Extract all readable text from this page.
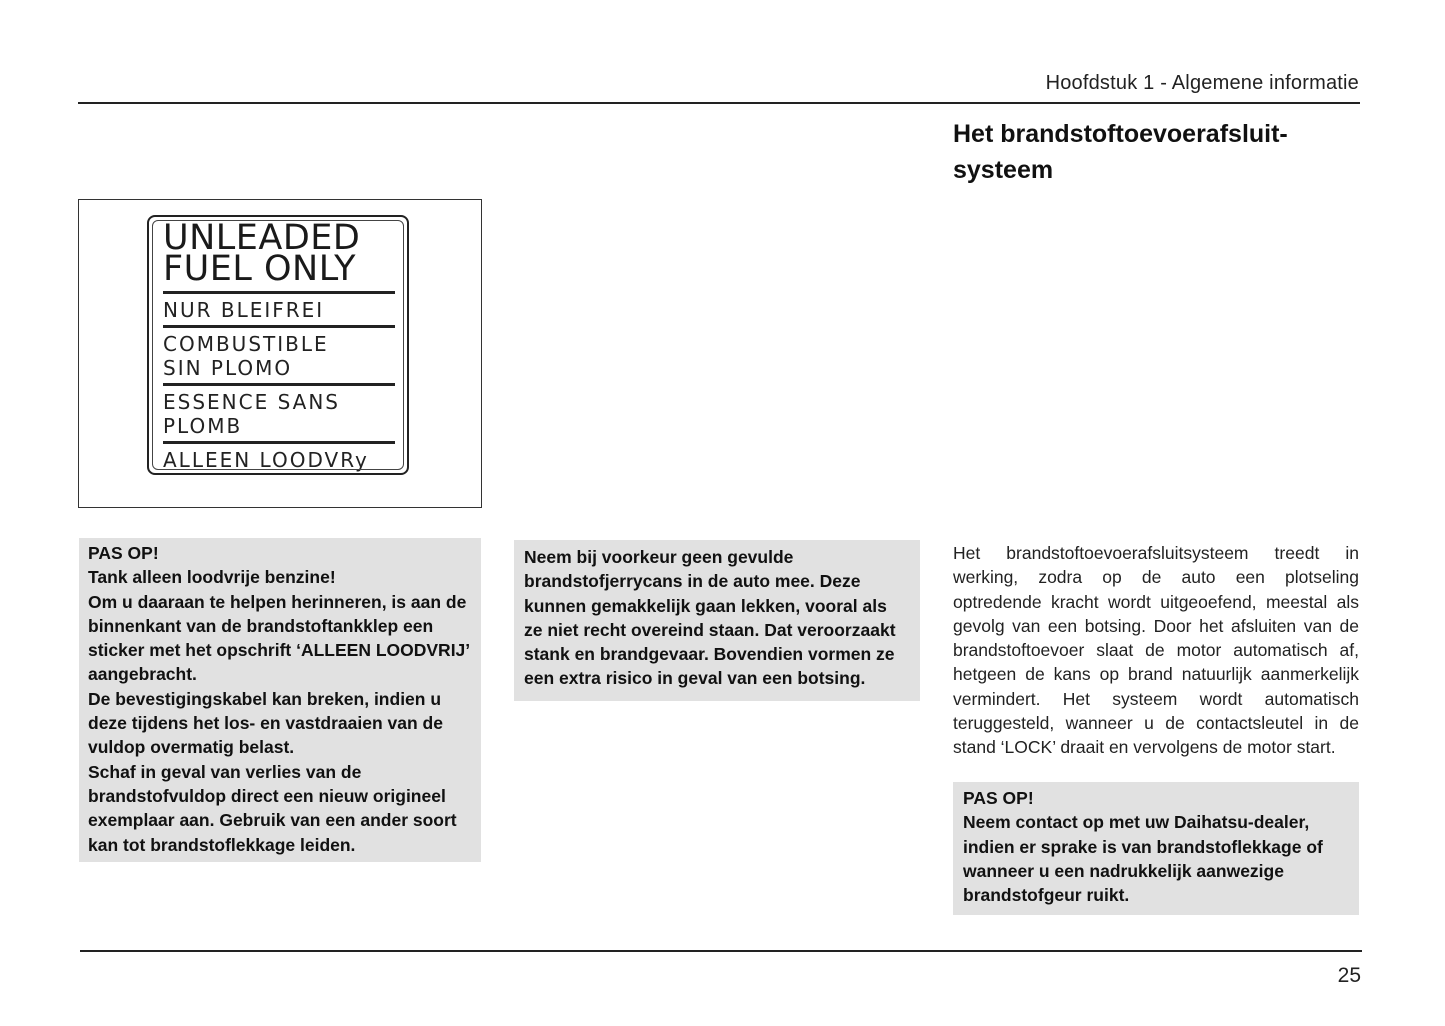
Hoofdstuk 1 - Algemene informatie
Het brandstoftoevoerafsluit-systeem
UNLEADED
FUEL ONLY
NUR BLEIFREI
COMBUSTIBLE
SIN PLOMO
ESSENCE SANS
PLOMB
ALLEEN LOODVRy

PAS OP!

Tank alleen loodvrije benzine!

Om u daaraan te helpen herinneren, is aan de binnenkant van de brandstoftankklep een sticker met het opschrift ‘ALLEEN LOODVRIJ’ aangebracht.

De bevestigingskabel kan breken, indien u deze tijdens het los- en vastdraaien van de vuldop overmatig belast.

Schaf in geval van verlies van de brandstofvuldop direct een nieuw origineel exemplaar aan. Gebruik van een ander soort kan tot brandstoflekkage leiden.

Neem bij voorkeur geen gevulde brandstofjerrycans in de auto mee. Deze kunnen gemakkelijk gaan lekken, vooral als ze niet recht overeind staan. Dat veroorzaakt stank en brandgevaar. Bovendien vormen ze een extra risico in geval van een botsing.

Het brandstoftoevoerafsluitsysteem treedt in werking, zodra op de auto een plotseling optredende kracht wordt uitgeoefend, meestal als gevolg van een botsing. Door het afsluiten van de brandstoftoevoer slaat de motor automatisch af, hetgeen de kans op brand natuurlijk aanmerkelijk vermindert. Het systeem wordt automatisch teruggesteld, wanneer u de contactsleutel in de stand ‘LOCK’ draait en vervolgens de motor start.

PAS OP!

Neem contact op met uw Daihatsu-dealer, indien er sprake is van brandstoflekkage of wanneer u een nadrukkelijk aanwezige brandstofgeur ruikt.

25
